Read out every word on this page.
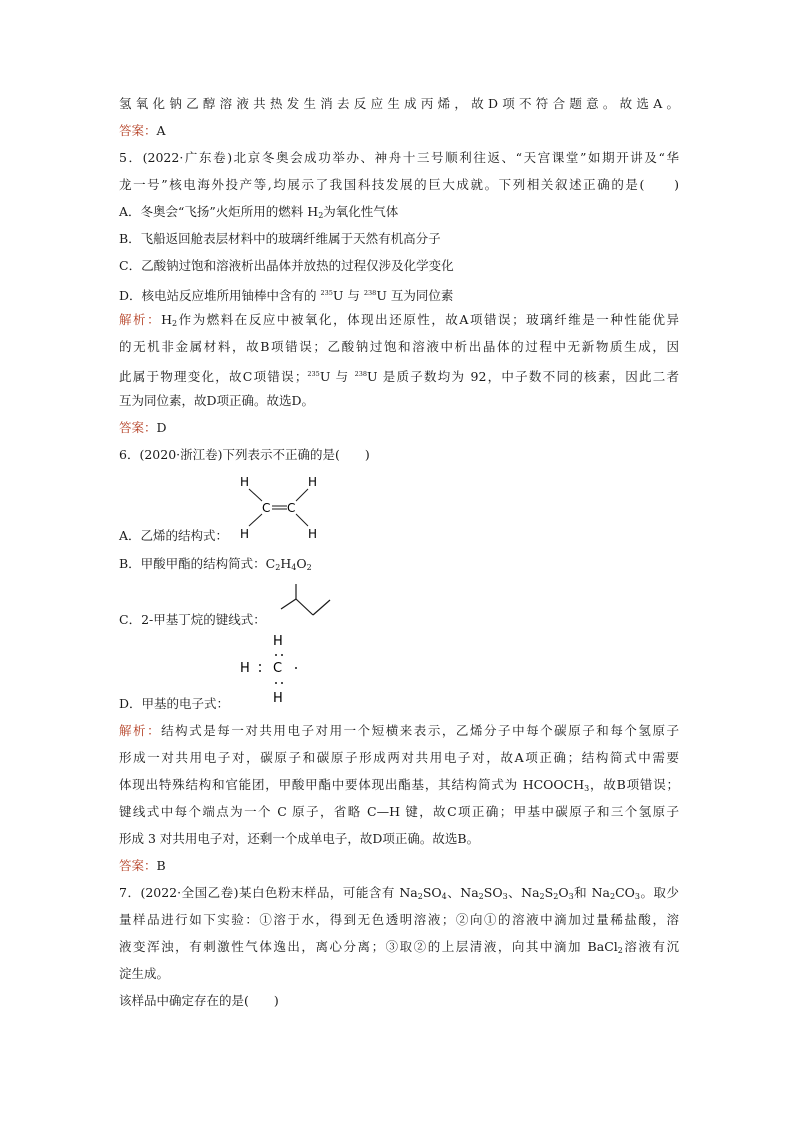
氢氧化钠乙醇溶液共热发生消去反应生成丙烯，故D项不符合题意。故选A。
答案：A
5．(2022·广东卷)北京冬奥会成功举办、神舟十三号顺利往返、“天宫课堂”如期开讲及“华
龙一号”核电海外投产等,均展示了我国科技发展的巨大成就。下列相关叙述正确的是(　　)
A．冬奥会“飞扬”火炬所用的燃料 H2为氧化性气体
B．飞船返回舱表层材料中的玻璃纤维属于天然有机高分子
C．乙酸钠过饱和溶液析出晶体并放热的过程仅涉及化学变化
D．核电站反应堆所用铀棒中含有的 $^{235}$U 与 $^{238}$U 互为同位素
解析：H2作为燃料在反应中被氧化，体现出还原性，故A项错误；玻璃纤维是一种性能优异
的无机非金属材料，故B项错误；乙酸钠过饱和溶液中析出晶体的过程中无新物质生成，因
此属于物理变化，故C项错误；$^{235}$U 与 $^{238}$U 是质子数均为 92，中子数不同的核素，因此二者
互为同位素，故D项正确。故选D。
答案：D
6．(2020·浙江卷)下列表示不正确的是(　　)
H	H
C C
H	H
A．乙烯的结构式：
B．甲酸甲酯的结构简式：C2H4O2
C．2-甲基丁烷的键线式：
H
H C
H
D．甲基的电子式：
解析：结构式是每一对共用电子对用一个短横来表示，乙烯分子中每个碳原子和每个氢原子
形成一对共用电子对，碳原子和碳原子形成两对共用电子对，故A项正确；结构简式中需要
体现出特殊结构和官能团，甲酸甲酯中要体现出酯基，其结构简式为 HCOOCH3，故B项错误；
键线式中每个端点为一个 C 原子，省略 C—H 键，故C项正确；甲基中碳原子和三个氢原子
形成 3 对共用电子对，还剩一个成单电子，故D项正确。故选B。
答案：B
7．(2022·全国乙卷)某白色粉末样品，可能含有 Na2SO4、Na2SO3、Na2S2O3和 Na2CO3。取少
量样品进行如下实验：①溶于水，得到无色透明溶液；②向①的溶液中滴加过量稀盐酸，溶
液变浑浊，有刺激性气体逸出，离心分离；③取②的上层清液，向其中滴加 BaCl2溶液有沉
淀生成。
该样品中确定存在的是(　　)
